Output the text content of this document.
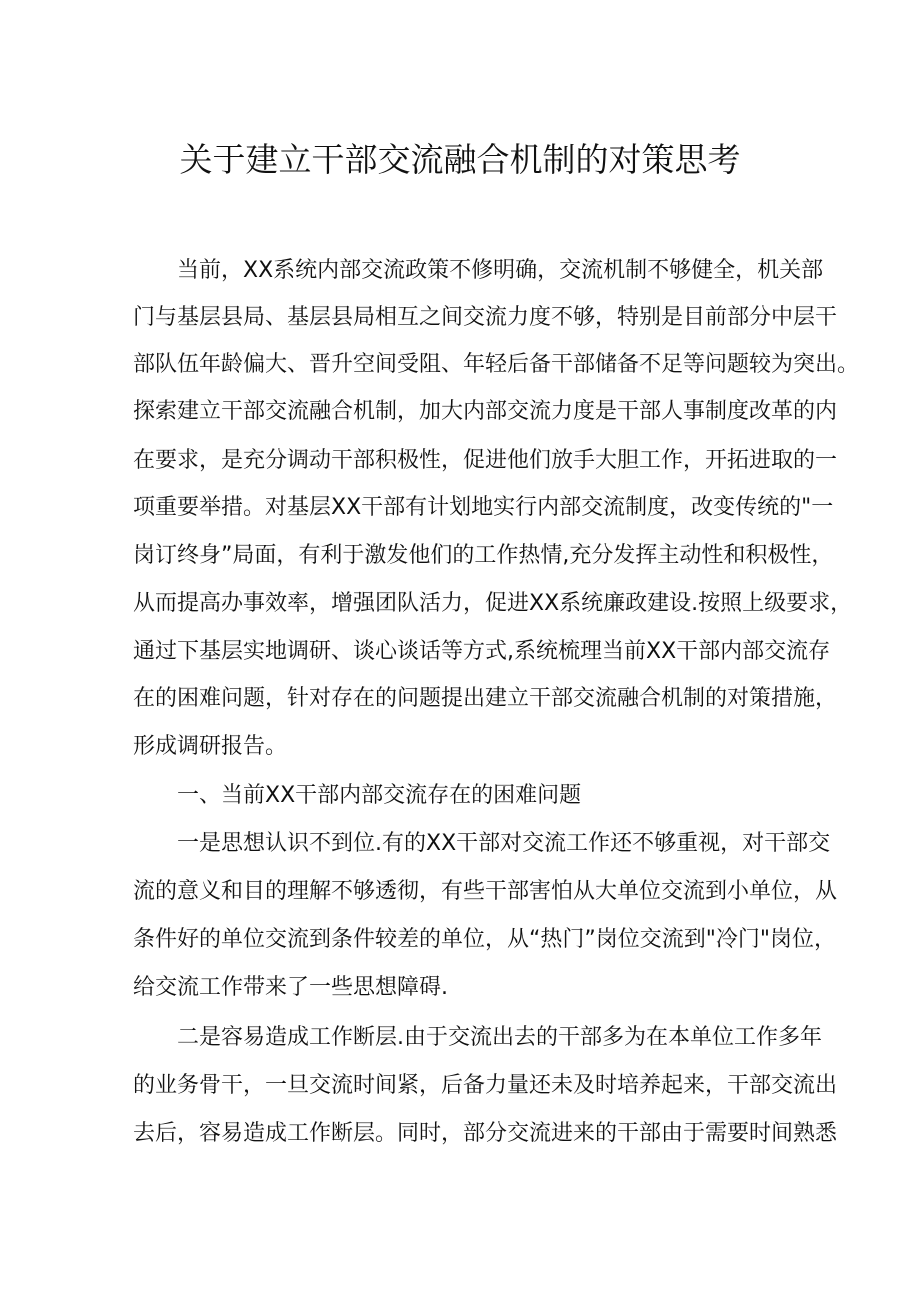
关于建立干部交流融合机制的对策思考

当前，XX系统内部交流政策不修明确，交流机制不够健全，机关部

门与基层县局、基层县局相互之间交流力度不够，特别是目前部分中层干

部队伍年龄偏大、晋升空间受阻、年轻后备干部储备不足等问题较为突出。

探索建立干部交流融合机制，加大内部交流力度是干部人事制度改革的内

在要求，是充分调动干部积极性，促进他们放手大胆工作，开拓进取的一

项重要举措。对基层XX干部有计划地实行内部交流制度，改变传统的"一

岗订终身”局面，有利于激发他们的工作热情,充分发挥主动性和积极性，

从而提高办事效率，增强团队活力，促进XX系统廉政建设.按照上级要求，

通过下基层实地调研、谈心谈话等方式,系统梳理当前XX干部内部交流存

在的困难问题，针对存在的问题提出建立干部交流融合机制的对策措施，

形成调研报告。

一、当前XX干部内部交流存在的困难问题

一是思想认识不到位.有的XX干部对交流工作还不够重视，对干部交

流的意义和目的理解不够透彻，有些干部害怕从大单位交流到小单位，从

条件好的单位交流到条件较差的单位，从“热门”岗位交流到"冷门"岗位，

给交流工作带来了一些思想障碍.

二是容易造成工作断层.由于交流出去的干部多为在本单位工作多年

的业务骨干，一旦交流时间紧，后备力量还未及时培养起来，干部交流出

去后，容易造成工作断层。同时，部分交流进来的干部由于需要时间熟悉
